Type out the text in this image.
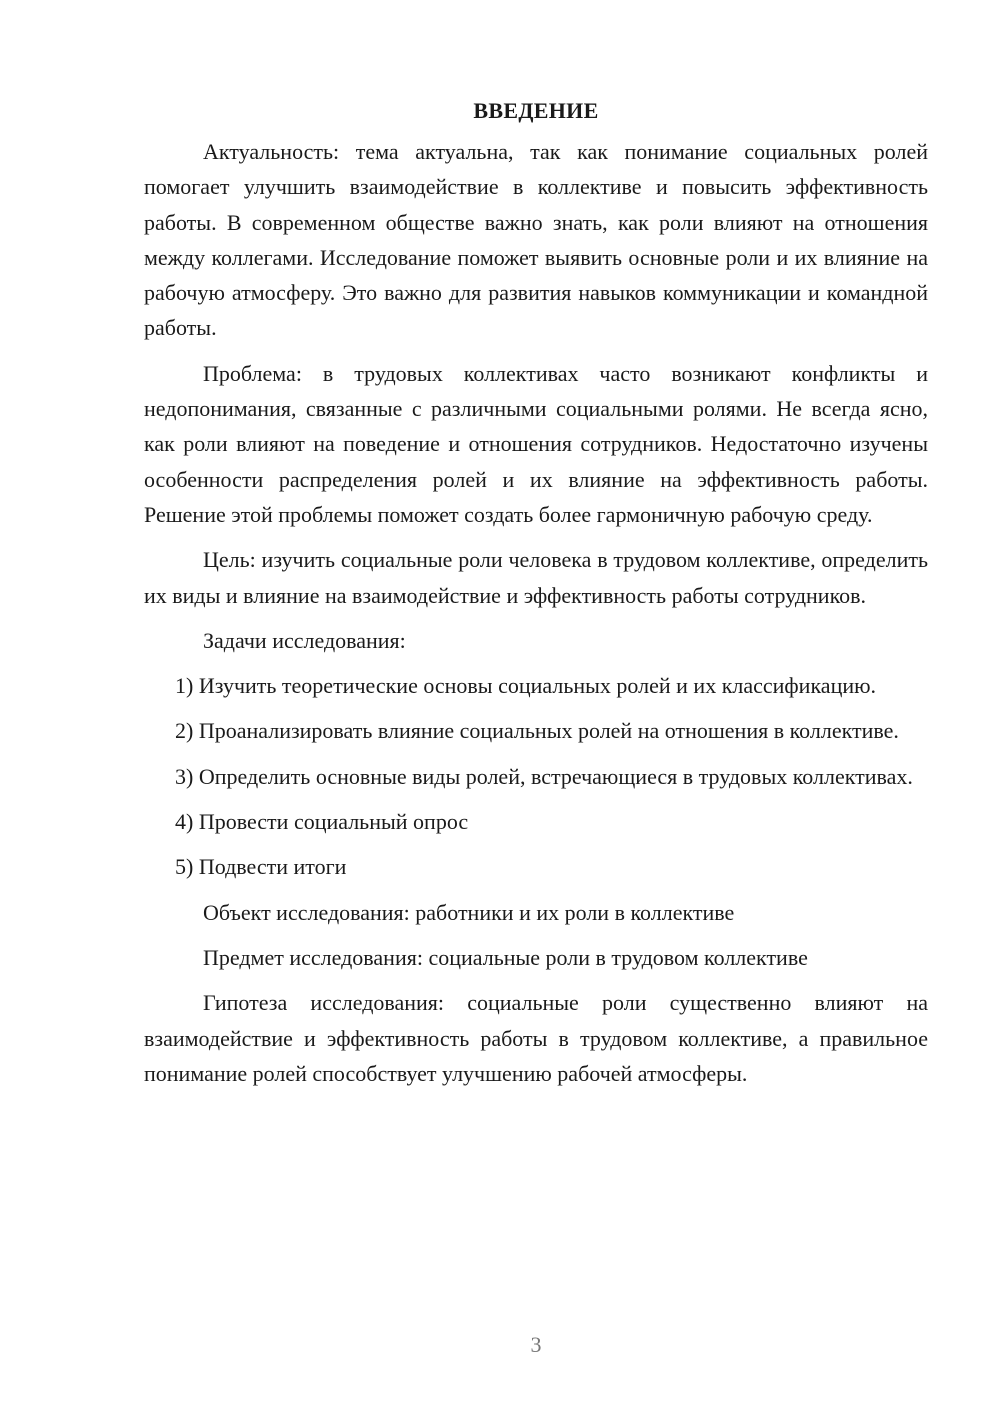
ВВЕДЕНИЕ

Актуальность: тема актуальна, так как понимание социальных ролей помогает улучшить взаимодействие в коллективе и повысить эффективность работы. В современном обществе важно знать, как роли влияют на отношения между коллегами. Исследование поможет выявить основные роли и их влияние на рабочую атмосферу. Это важно для развития навыков коммуникации и командной работы.

Проблема: в трудовых коллективах часто возникают конфликты и недопонимания, связанные с различными социальными ролями. Не всегда ясно, как роли влияют на поведение и отношения сотрудников. Недостаточно изучены особенности распределения ролей и их влияние на эффективность работы. Решение этой проблемы поможет создать более гармоничную рабочую среду.

Цель: изучить социальные роли человека в трудовом коллективе, определить их виды и влияние на взаимодействие и эффективность работы сотрудников.

Задачи исследования:

1) Изучить теоретические основы социальных ролей и их классификацию.

2) Проанализировать влияние социальных ролей на отношения в коллективе.

3) Определить основные виды ролей, встречающиеся в трудовых коллективах.

4) Провести социальный опрос

5) Подвести итоги

Объект исследования: работники и их роли в коллективе

Предмет исследования: социальные роли в трудовом коллективе

Гипотеза исследования: социальные роли существенно влияют на взаимодействие и эффективность работы в трудовом коллективе, а правильное понимание ролей способствует улучшению рабочей атмосферы.

3
